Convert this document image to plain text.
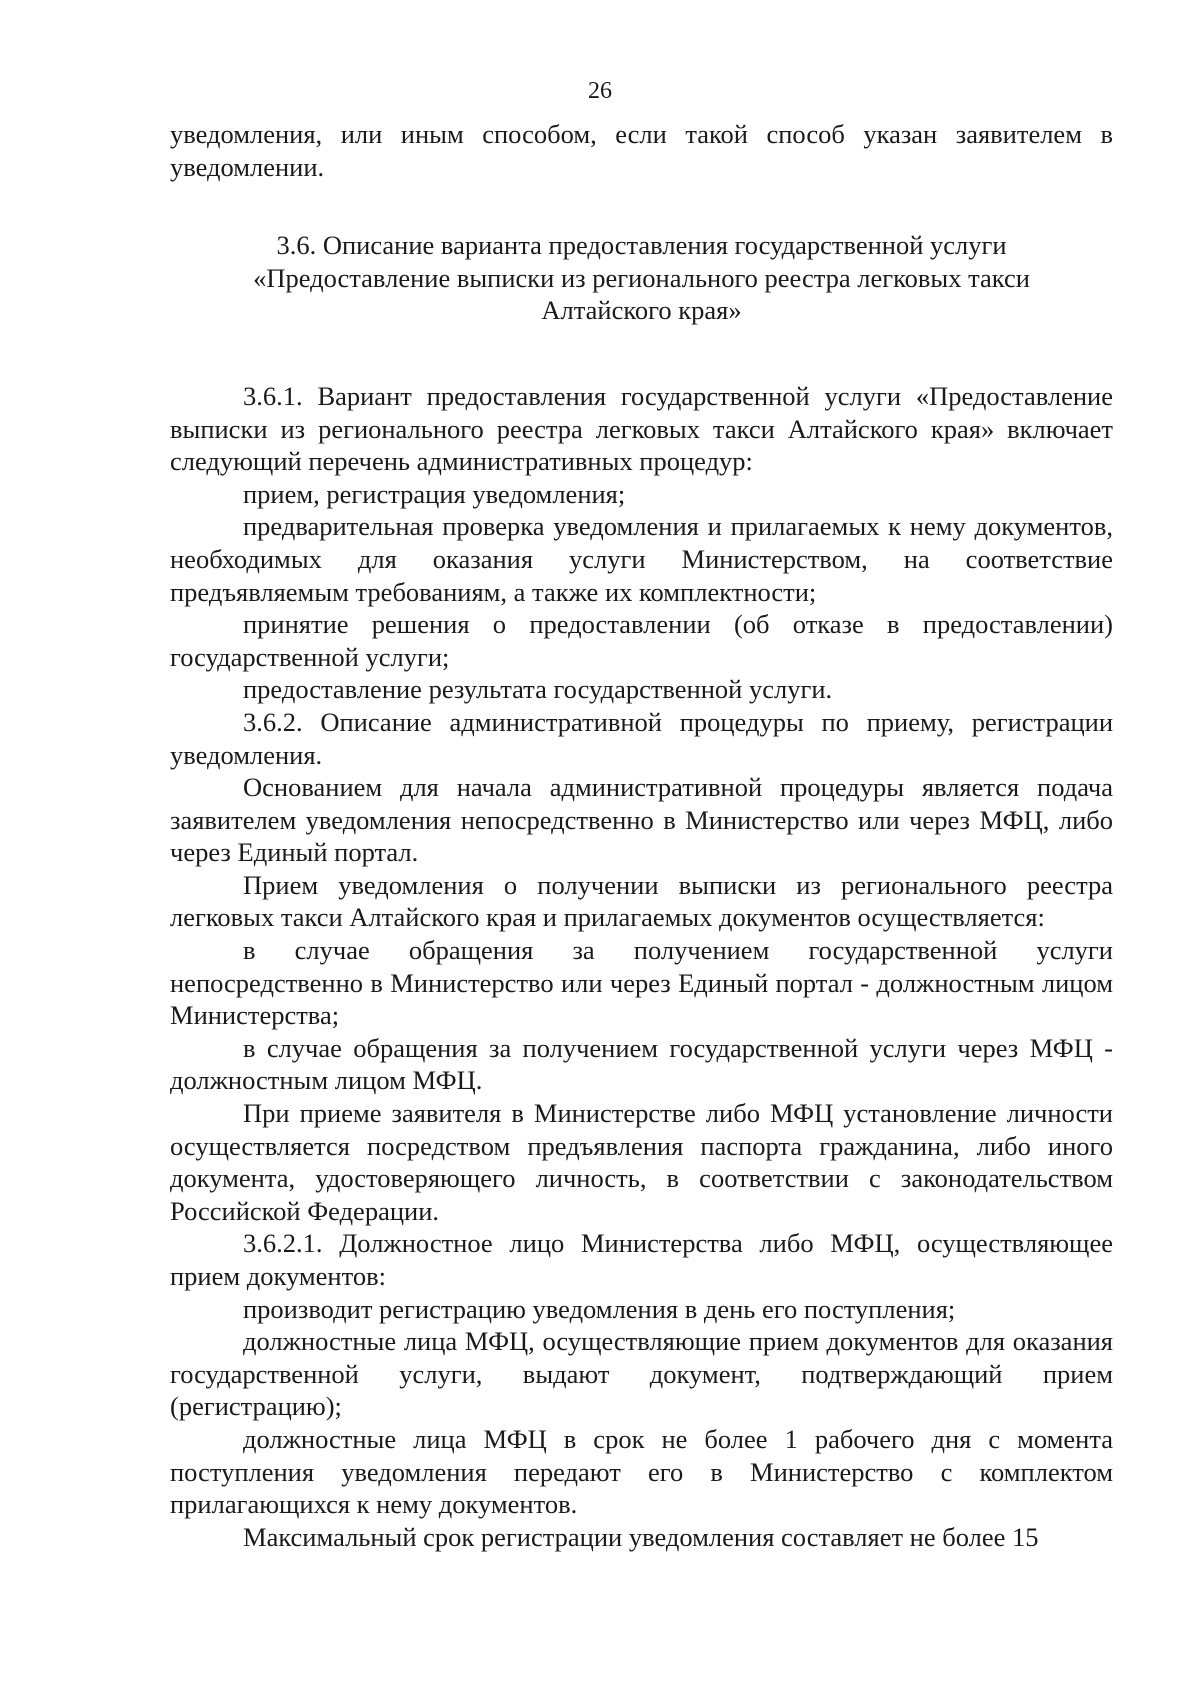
26

уведомления, или иным способом, если такой способ указан заявителем в уведомлении.

3.6. Описание варианта предоставления государственной услуги

«Предоставление выписки из регионального реестра легковых такси

Алтайского края»

3.6.1. Вариант предоставления государственной услуги «Предоставление выписки из регионального реестра легковых такси Алтайского края» включает следующий перечень административных процедур:

прием, регистрация уведомления;

предварительная проверка уведомления и прилагаемых к нему документов, необходимых для оказания услуги Министерством, на соответствие предъявляемым требованиям, а также их комплектности;

принятие решения о предоставлении (об отказе в предоставлении) государственной услуги;

предоставление результата государственной услуги.

3.6.2. Описание административной процедуры по приему, регистрации уведомления.

Основанием для начала административной процедуры является подача заявителем уведомления непосредственно в Министерство или через МФЦ, либо через Единый портал.

Прием уведомления о получении выписки из регионального реестра легковых такси Алтайского края и прилагаемых документов осуществляется:

в случае обращения за получением государственной услуги непосредственно в Министерство или через Единый портал - должностным лицом Министерства;

в случае обращения за получением государственной услуги через МФЦ - должностным лицом МФЦ.

При приеме заявителя в Министерстве либо МФЦ установление личности осуществляется посредством предъявления паспорта гражданина, либо иного документа, удостоверяющего личность, в соответствии с законодательством Российской Федерации.

3.6.2.1. Должностное лицо Министерства либо МФЦ, осуществляющее прием документов:

производит регистрацию уведомления в день его поступления;

должностные лица МФЦ, осуществляющие прием документов для оказания государственной услуги, выдают документ, подтверждающий прием (регистрацию);

должностные лица МФЦ в срок не более 1 рабочего дня с момента поступления уведомления передают его в Министерство с комплектом прилагающихся к нему документов.

Максимальный срок регистрации уведомления составляет не более 15
